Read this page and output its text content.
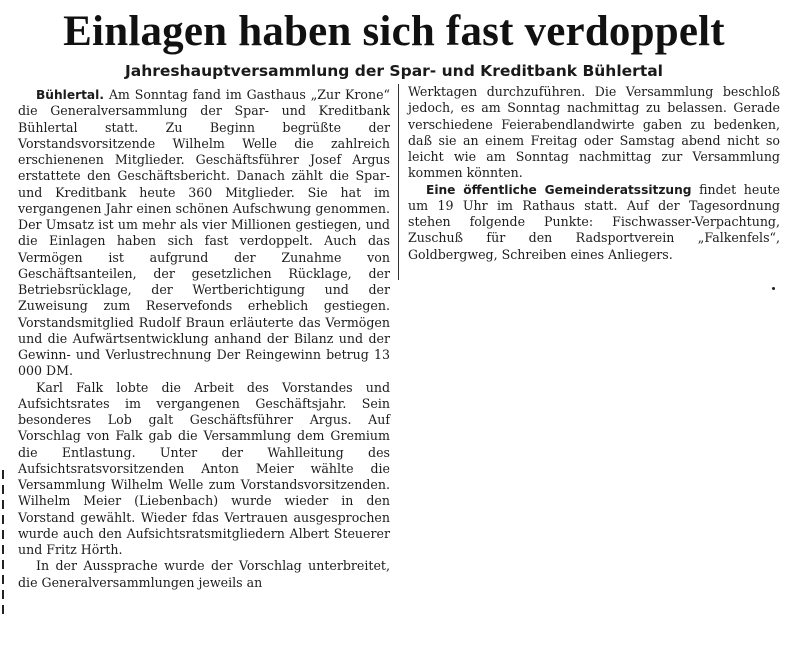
Einlagen haben sich fast verdoppelt
Jahreshauptversammlung der Spar- und Kreditbank Bühlertal

Bühlertal. Am Sonntag fand im Gasthaus „Zur Krone“ die Generalversammlung der Spar- und Kreditbank Bühlertal statt. Zu Beginn begrüßte der Vorstandsvorsitzende Wilhelm Welle die zahlreich erschienenen Mitglieder. Geschäftsführer Josef Argus erstattete den Geschäftsbericht. Danach zählt die Spar- und Kreditbank heute 360 Mitglieder. Sie hat im vergangenen Jahr einen schönen Aufschwung genommen. Der Umsatz ist um mehr als vier Millionen gestiegen, und die Einlagen haben sich fast verdoppelt. Auch das Vermögen ist aufgrund der Zunahme von Geschäftsanteilen, der gesetzlichen Rücklage, der Betriebsrücklage, der Wertberichtigung und der Zuweisung zum Reservefonds erheblich gestiegen. Vorstandsmitglied Rudolf Braun erläuterte das Vermögen und die Aufwärtsentwicklung anhand der Bilanz und der Gewinn- und Verlustrechnung Der Reingewinn betrug 13 000 DM.

Karl Falk lobte die Arbeit des Vorstandes und Aufsichtsrates im vergangenen Geschäftsjahr. Sein besonderes Lob galt Geschäftsführer Argus. Auf Vorschlag von Falk gab die Versammlung dem Gremium die Entlastung. Unter der Wahlleitung des Aufsichtsratsvorsitzenden Anton Meier wählte die Versammlung Wilhelm Welle zum Vorstandsvorsitzenden. Wilhelm Meier (Liebenbach) wurde wieder in den Vorstand gewählt. Wieder fdas Vertrauen ausgesprochen wurde auch den Aufsichtsratsmitgliedern Albert Steuerer und Fritz Hörth.

In der Aussprache wurde der Vorschlag unterbreitet, die Generalversammlungen jeweils an

Werktagen durchzuführen. Die Versammlung beschloß jedoch, es am Sonntag nachmittag zu belassen. Gerade verschiedene Feierabendlandwirte gaben zu bedenken, daß sie an einem Freitag oder Samstag abend nicht so leicht wie am Sonntag nachmittag zur Versammlung kommen könnten.

Eine öffentliche Gemeinderatssitzung findet heute um 19 Uhr im Rathaus statt. Auf der Tagesordnung stehen folgende Punkte: Fischwasser-Verpachtung, Zuschuß für den Radsportverein „Falkenfels“, Goldbergweg, Schreiben eines Anliegers.
